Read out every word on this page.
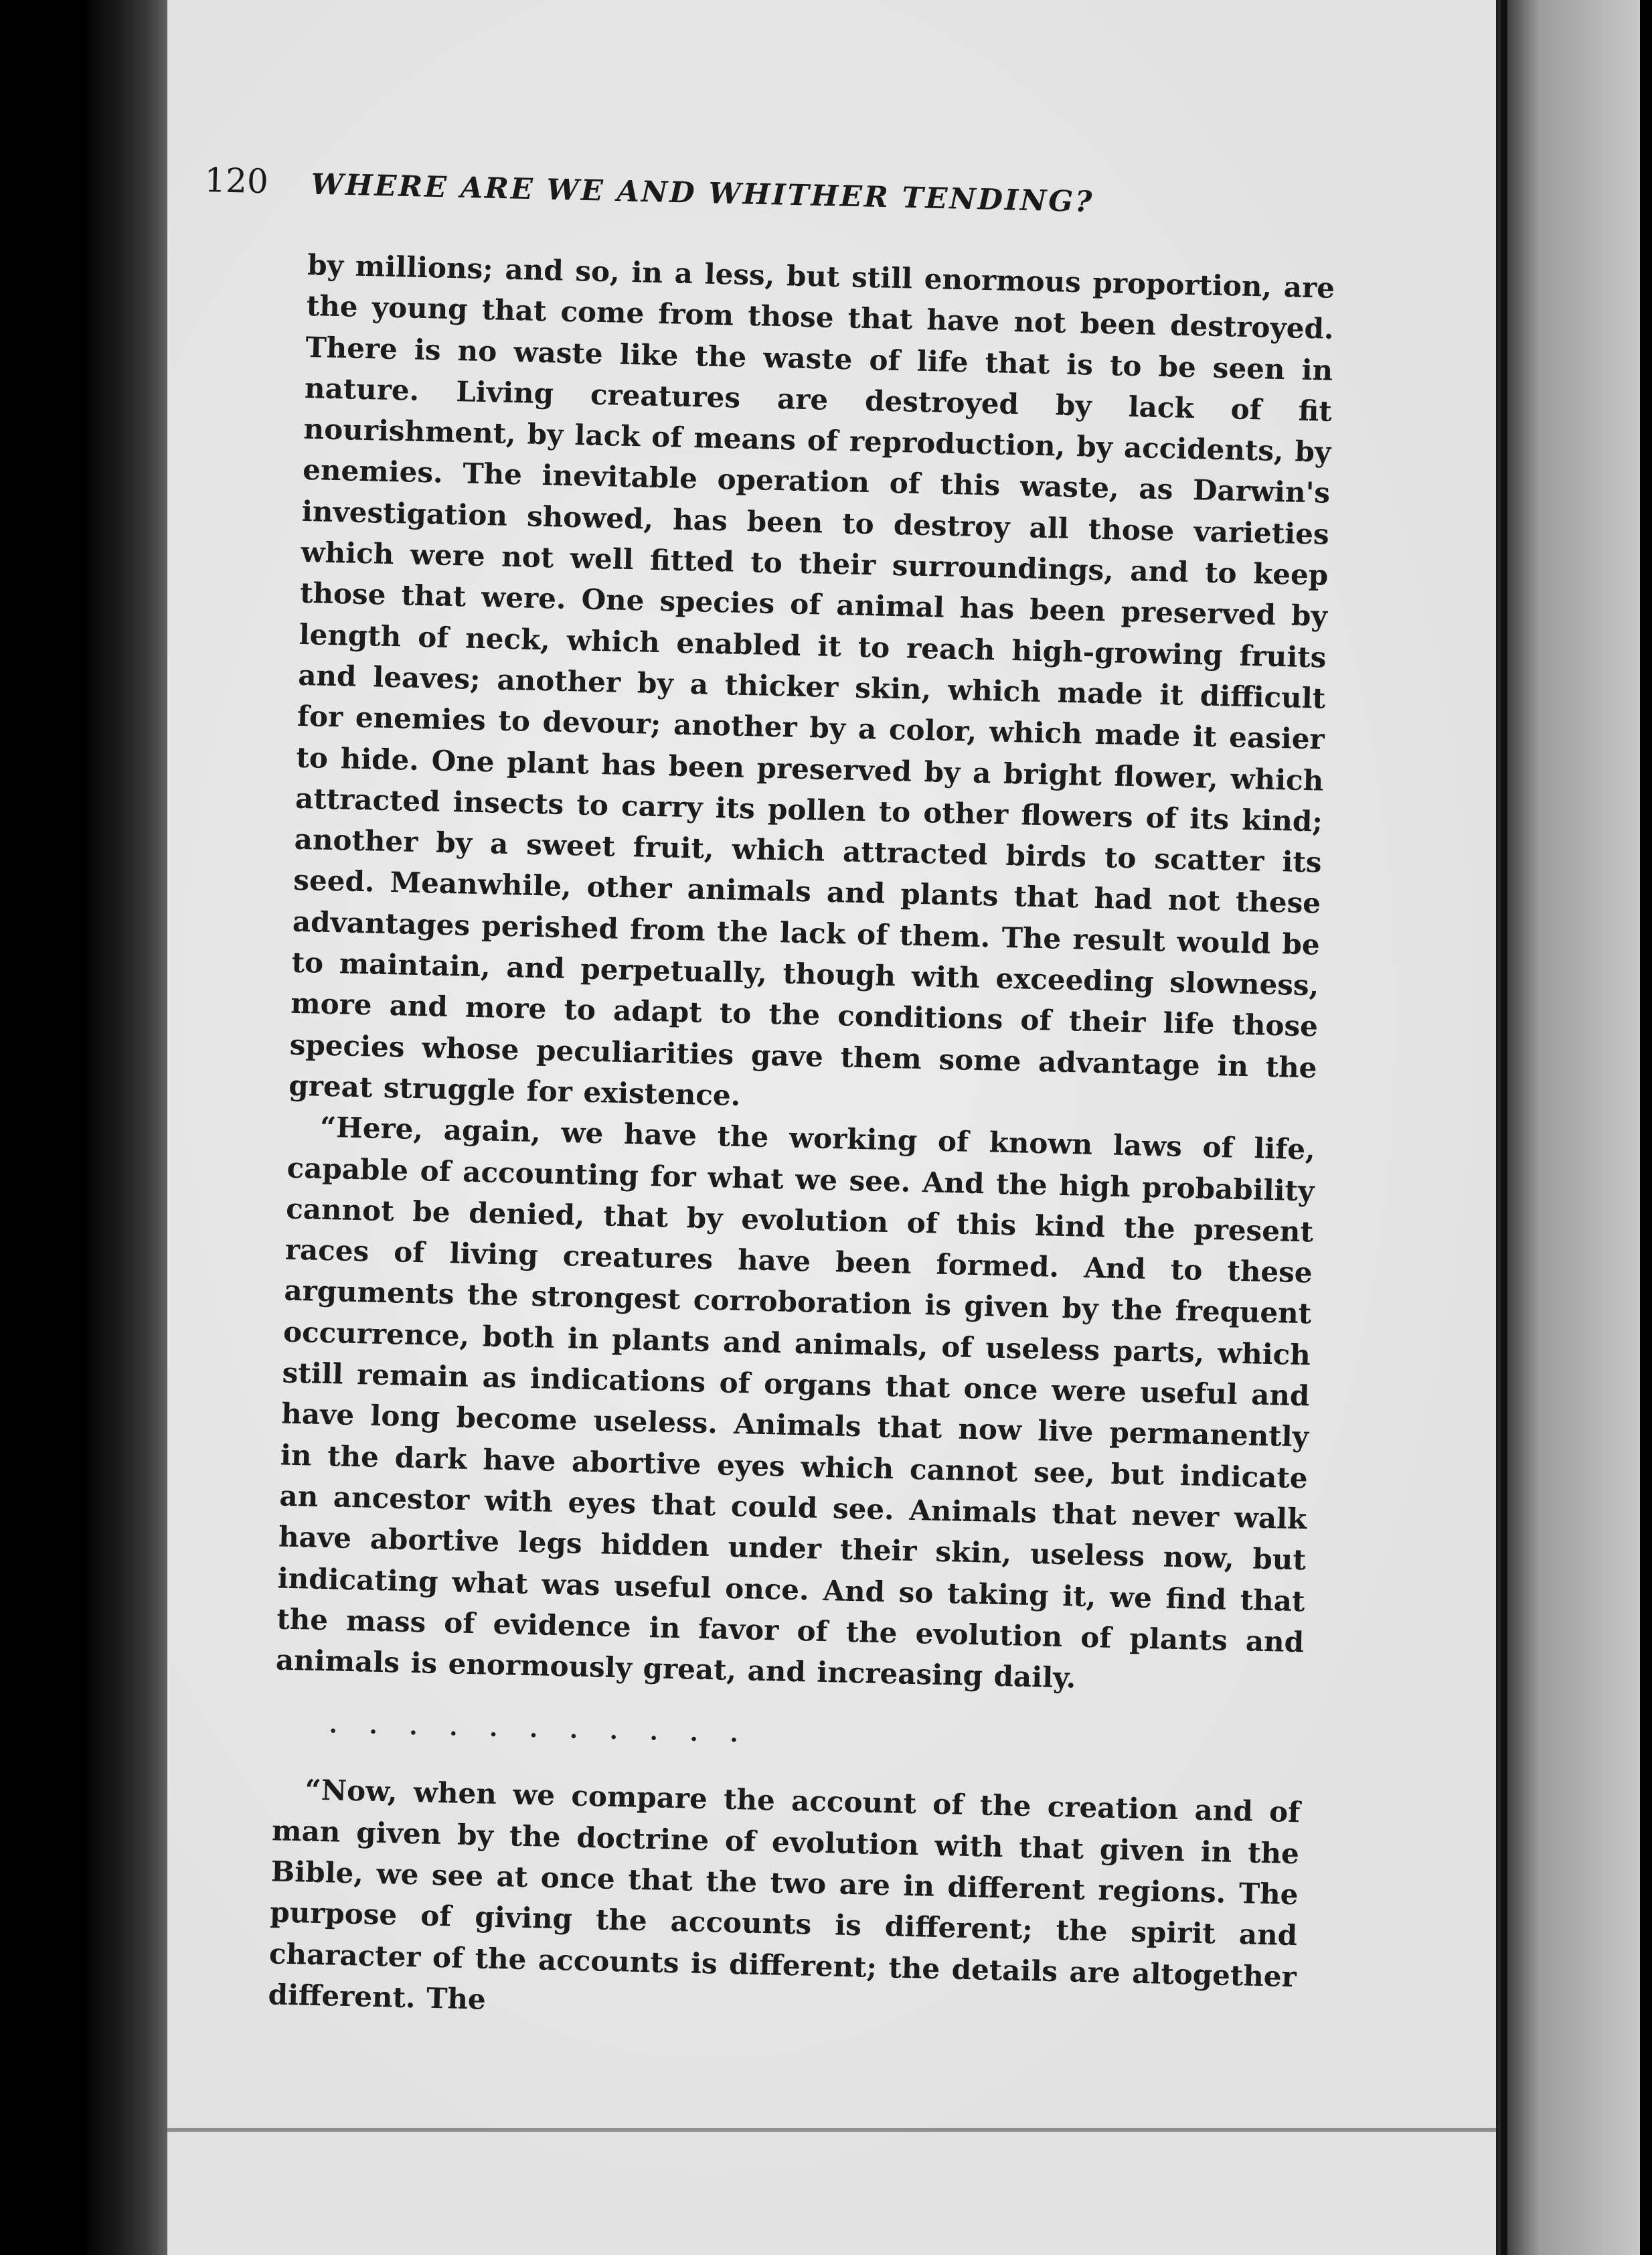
120 WHERE ARE WE AND WHITHER TENDING?

by millions; and so, in a less, but still enormous proportion, are the young that come from those that have not been destroyed. There is no waste like the waste of life that is to be seen in nature. Living creatures are destroyed by lack of fit nourishment, by lack of means of reproduction, by accidents, by enemies. The inevitable operation of this waste, as Darwin's investigation showed, has been to destroy all those varieties which were not well fitted to their surroundings, and to keep those that were. One species of animal has been preserved by length of neck, which enabled it to reach high-growing fruits and leaves; another by a thicker skin, which made it difficult for enemies to devour; another by a color, which made it easier to hide. One plant has been preserved by a bright flower, which attracted insects to carry its pollen to other flowers of its kind; another by a sweet fruit, which attracted birds to scatter its seed. Meanwhile, other animals and plants that had not these advantages perished from the lack of them. The result would be to maintain, and perpetually, though with exceeding slowness, more and more to adapt to the conditions of their life those species whose peculiarities gave them some advantage in the great struggle for existence.

“Here, again, we have the working of known laws of life, capable of accounting for what we see. And the high probability cannot be denied, that by evolution of this kind the present races of living creatures have been formed. And to these arguments the strongest corroboration is given by the frequent occurrence, both in plants and animals, of useless parts, which still remain as indications of organs that once were useful and have long become useless. Animals that now live permanently in the dark have abortive eyes which cannot see, but indicate an ancestor with eyes that could see. Animals that never walk have abortive legs hidden under their skin, useless now, but indicating what was useful once. And so taking it, we find that the mass of evidence in favor of the evolution of plants and animals is enormously great, and increasing daily.

...........

“Now, when we compare the account of the creation and of man given by the doctrine of evolution with that given in the Bible, we see at once that the two are in different regions. The purpose of giving the accounts is different; the spirit and character of the accounts is different; the details are altogether different. The
